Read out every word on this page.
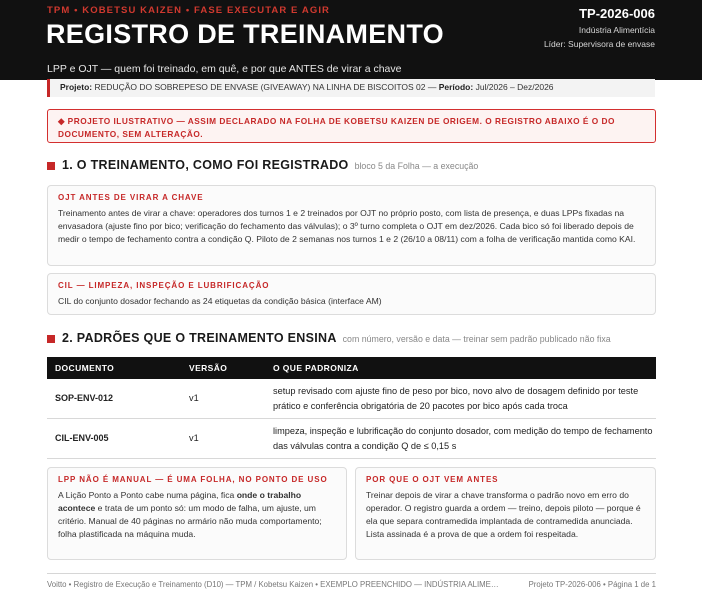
TPM • KOBETSU KAIZEN • FASE EXECUTAR E AGIR
REGISTRO DE TREINAMENTO
LPP e OJT — quem foi treinado, em quê, e por que ANTES de virar a chave
TP-2026-006
Indústria Alimentícia
Líder: Supervisora de envase
Projeto: REDUÇÃO DO SOBREPESO DE ENVASE (GIVEAWAY) NA LINHA DE BISCOITOS 02 — Período: Jul/2026 – Dez/2026
◆ PROJETO ILUSTRATIVO — ASSIM DECLARADO NA FOLHA DE KOBETSU KAIZEN DE ORIGEM. O REGISTRO ABAIXO É O DO DOCUMENTO, SEM ALTERAÇÃO.
1. O TREINAMENTO, COMO FOI REGISTRADO bloco 5 da Folha — a execução
OJT ANTES DE VIRAR A CHAVE
Treinamento antes de virar a chave: operadores dos turnos 1 e 2 treinados por OJT no próprio posto, com lista de presença, e duas LPPs fixadas na envasadora (ajuste fino por bico; verificação do fechamento das válvulas); o 3º turno completa o OJT em dez/2026. Cada bico só foi liberado depois de medir o tempo de fechamento contra a condição Q. Piloto de 2 semanas nos turnos 1 e 2 (26/10 a 08/11) com a folha de verificação mantida como KAI.
CIL — LIMPEZA, INSPEÇÃO E LUBRIFICAÇÃO
CIL do conjunto dosador fechando as 24 etiquetas da condição básica (interface AM)
2. PADRÕES QUE O TREINAMENTO ENSINA com número, versão e data — treinar sem padrão publicado não fixa
DOCUMENTO	VERSÃO	O QUE PADRONIZA
SOP-ENV-012	v1	setup revisado com ajuste fino de peso por bico, novo alvo de dosagem definido por teste prático e conferência obrigatória de 20 pacotes por bico após cada troca
CIL-ENV-005	v1	limpeza, inspeção e lubrificação do conjunto dosador, com medição do tempo de fechamento das válvulas contra a condição Q de ≤ 0,15 s
LPP NÃO É MANUAL — É UMA FOLHA, NO PONTO DE USO
A Lição Ponto a Ponto cabe numa página, fica onde o trabalho acontece e trata de um ponto só: um modo de falha, um ajuste, um critério. Manual de 40 páginas no armário não muda comportamento; folha plastificada na máquina muda.
POR QUE O OJT VEM ANTES
Treinar depois de virar a chave transforma o padrão novo em erro do operador. O registro guarda a ordem — treino, depois piloto — porque é ela que separa contramedida implantada de contramedida anunciada. Lista assinada é a prova de que a ordem foi respeitada.
Voitto • Registro de Execução e Treinamento (D10) — TPM / Kobetsu Kaizen • EXEMPLO PREENCHIDO — INDÚSTRIA ALIME…	Projeto TP-2026-006 • Página 1 de 1
